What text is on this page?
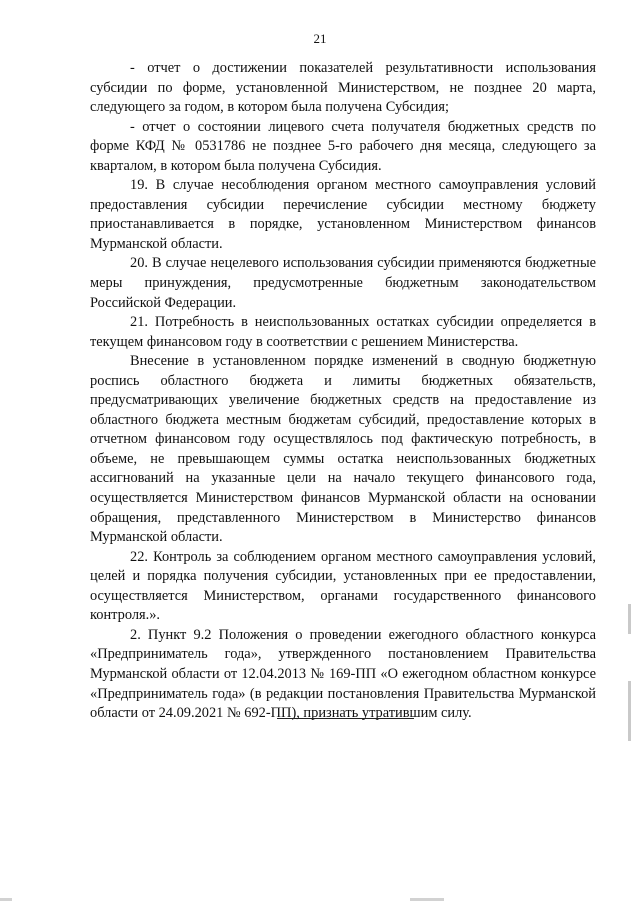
21

- отчет о достижении показателей результативности использования субсидии по форме, установленной Министерством, не позднее 20 марта, следующего за годом, в котором была получена Субсидия;

- отчет о состоянии лицевого счета получателя бюджетных средств по форме КФД № 0531786 не позднее 5-го рабочего дня месяца, следующего за кварталом, в котором была получена Субсидия.

19. В случае несоблюдения органом местного самоуправления условий предоставления субсидии перечисление субсидии местному бюджету приостанавливается в порядке, установленном Министерством финансов Мурманской области.

20. В случае нецелевого использования субсидии применяются бюджетные меры принуждения, предусмотренные бюджетным законодательством Российской Федерации.

21. Потребность в неиспользованных остатках субсидии определяется в текущем финансовом году в соответствии с решением Министерства.

Внесение в установленном порядке изменений в сводную бюджетную роспись областного бюджета и лимиты бюджетных обязательств, предусматривающих увеличение бюджетных средств на предоставление из областного бюджета местным бюджетам субсидий, предоставление которых в отчетном финансовом году осуществлялось под фактическую потребность, в объеме, не превышающем суммы остатка неиспользованных бюджетных ассигнований на указанные цели на начало текущего финансового года, осуществляется Министерством финансов Мурманской области на основании обращения, представленного Министерством в Министерство финансов Мурманской области.

22. Контроль за соблюдением органом местного самоуправления условий, целей и порядка получения субсидии, установленных при ее предоставлении, осуществляется Министерством, органами государственного финансового контроля.».

2. Пункт 9.2 Положения о проведении ежегодного областного конкурса «Предприниматель года», утвержденного постановлением Правительства Мурманской области от 12.04.2013 № 169-ПП «О ежегодном областном конкурсе «Предприниматель года» (в редакции постановления Правительства Мурманской области от 24.09.2021 № 692-ПП), признать утратившим силу.
